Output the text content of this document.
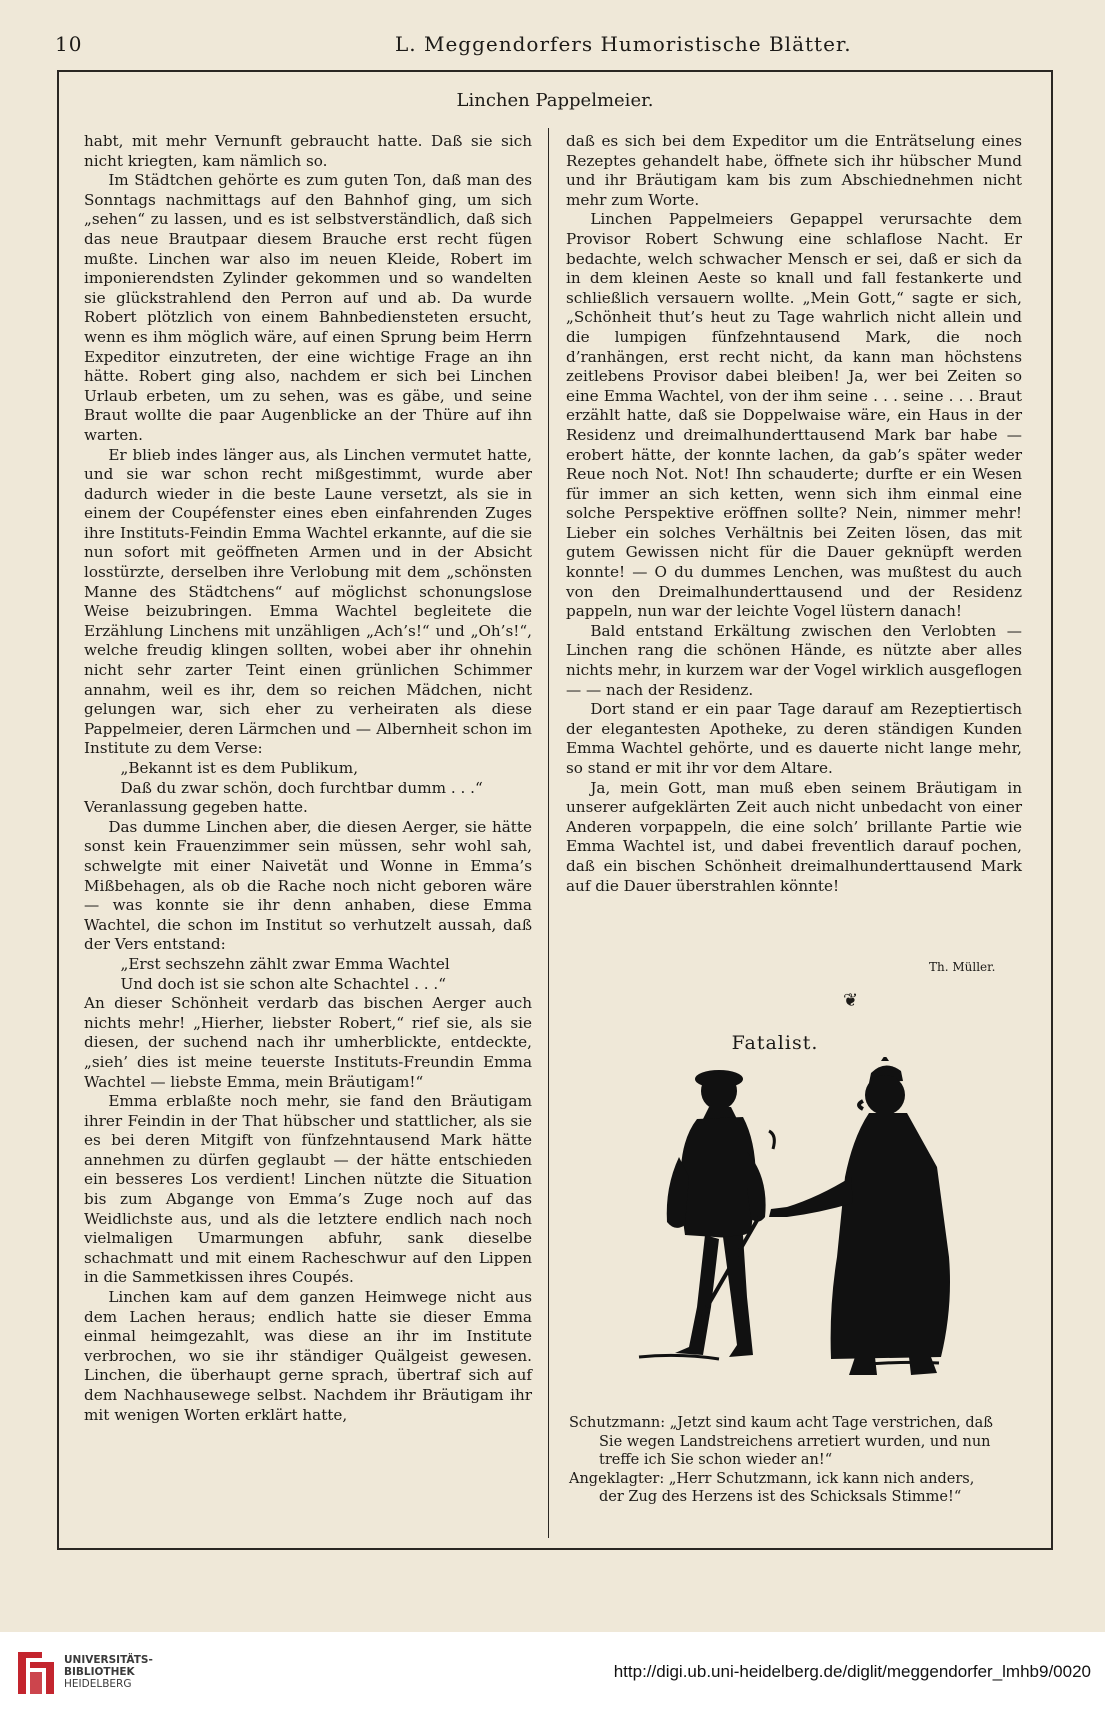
10	L. Meggendorfers Humoristische Blätter.
Linchen Pappelmeier.

habt, mit mehr Vernunft gebraucht hatte. Daß sie sich nicht kriegten, kam nämlich so.

Im Städtchen gehörte es zum guten Ton, daß man des Sonntags nachmittags auf den Bahnhof ging, um sich „sehen“ zu lassen, und es ist selbstverständlich, daß sich das neue Brautpaar diesem Brauche erst recht fügen mußte. Linchen war also im neuen Kleide, Robert im imponierendsten Zylinder gekommen und so wandelten sie glückstrahlend den Perron auf und ab. Da wurde Robert plötzlich von einem Bahnbediensteten ersucht, wenn es ihm möglich wäre, auf einen Sprung beim Herrn Expeditor einzutreten, der eine wichtige Frage an ihn hätte. Robert ging also, nachdem er sich bei Linchen Urlaub erbeten, um zu sehen, was es gäbe, und seine Braut wollte die paar Augenblicke an der Thüre auf ihn warten.

Er blieb indes länger aus, als Linchen vermutet hatte, und sie war schon recht mißgestimmt, wurde aber dadurch wieder in die beste Laune versetzt, als sie in einem der Coupéfenster eines eben einfahrenden Zuges ihre Instituts-Feindin Emma Wachtel erkannte, auf die sie nun sofort mit geöffneten Armen und in der Absicht losstürzte, derselben ihre Verlobung mit dem „schönsten Manne des Städtchens“ auf möglichst schonungslose Weise beizubringen. Emma Wachtel begleitete die Erzählung Linchens mit unzähligen „Ach’s!“ und „Oh’s!“, welche freudig klingen sollten, wobei aber ihr ohnehin nicht sehr zarter Teint einen grünlichen Schimmer annahm, weil es ihr, dem so reichen Mädchen, nicht gelungen war, sich eher zu verheiraten als diese Pappelmeier, deren Lärmchen und — Albernheit schon im Institute zu dem Verse:

„Bekannt ist es dem Publikum,

Daß du zwar schön, doch furchtbar dumm . . .“

Veranlassung gegeben hatte.

Das dumme Linchen aber, die diesen Aerger, sie hätte sonst kein Frauenzimmer sein müssen, sehr wohl sah, schwelgte mit einer Naivetät und Wonne in Emma’s Mißbehagen, als ob die Rache noch nicht geboren wäre — was konnte sie ihr denn anhaben, diese Emma Wachtel, die schon im Institut so verhutzelt aussah, daß der Vers entstand:

„Erst sechszehn zählt zwar Emma Wachtel

Und doch ist sie schon alte Schachtel . . .“

An dieser Schönheit verdarb das bischen Aerger auch nichts mehr! „Hierher, liebster Robert,“ rief sie, als sie diesen, der suchend nach ihr umherblickte, entdeckte, „sieh’ dies ist meine teuerste Instituts-Freundin Emma Wachtel — liebste Emma, mein Bräutigam!“

Emma erblaßte noch mehr, sie fand den Bräutigam ihrer Feindin in der That hübscher und stattlicher, als sie es bei deren Mitgift von fünfzehntausend Mark hätte annehmen zu dürfen geglaubt — der hätte entschieden ein besseres Los verdient! Linchen nützte die Situation bis zum Abgange von Emma’s Zuge noch auf das Weidlichste aus, und als die letztere endlich nach noch vielmaligen Umarmungen abfuhr, sank dieselbe schachmatt und mit einem Racheschwur auf den Lippen in die Sammetkissen ihres Coupés.

Linchen kam auf dem ganzen Heimwege nicht aus dem Lachen heraus; endlich hatte sie dieser Emma einmal heimgezahlt, was diese an ihr im Institute verbrochen, wo sie ihr ständiger Quälgeist gewesen. Linchen, die überhaupt gerne sprach, übertraf sich auf dem Nachhausewege selbst. Nachdem ihr Bräutigam ihr mit wenigen Worten erklärt hatte,

daß es sich bei dem Expeditor um die Enträtselung eines Rezeptes gehandelt habe, öffnete sich ihr hübscher Mund und ihr Bräutigam kam bis zum Abschiednehmen nicht mehr zum Worte.

Linchen Pappelmeiers Gepappel verursachte dem Provisor Robert Schwung eine schlaflose Nacht. Er bedachte, welch schwacher Mensch er sei, daß er sich da in dem kleinen Aeste so knall und fall festankerte und schließlich versauern wollte. „Mein Gott,“ sagte er sich, „Schönheit thut’s heut zu Tage wahrlich nicht allein und die lumpigen fünfzehntausend Mark, die noch d’ranhängen, erst recht nicht, da kann man höchstens zeitlebens Provisor dabei bleiben! Ja, wer bei Zeiten so eine Emma Wachtel, von der ihm seine . . . seine . . . Braut erzählt hatte, daß sie Doppelwaise wäre, ein Haus in der Residenz und dreimalhunderttausend Mark bar habe — erobert hätte, der konnte lachen, da gab’s später weder Reue noch Not. Not! Ihn schauderte; durfte er ein Wesen für immer an sich ketten, wenn sich ihm einmal eine solche Perspektive eröffnen sollte? Nein, nimmer mehr! Lieber ein solches Verhältnis bei Zeiten lösen, das mit gutem Gewissen nicht für die Dauer geknüpft werden konnte! — O du dummes Lenchen, was mußtest du auch von den Dreimalhunderttausend und der Residenz pappeln, nun war der leichte Vogel lüstern danach!

Bald entstand Erkältung zwischen den Verlobten — Linchen rang die schönen Hände, es nützte aber alles nichts mehr, in kurzem war der Vogel wirklich ausgeflogen — — nach der Residenz.

Dort stand er ein paar Tage darauf am Rezeptiertisch der elegantesten Apotheke, zu deren ständigen Kunden Emma Wachtel gehörte, und es dauerte nicht lange mehr, so stand er mit ihr vor dem Altare.

Ja, mein Gott, man muß eben seinem Bräutigam in unserer aufgeklärten Zeit auch nicht unbedacht von einer Anderen vorpappeln, die eine solch’ brillante Partie wie Emma Wachtel ist, und dabei freventlich darauf pochen, daß ein bischen Schönheit dreimalhunderttausend Mark auf die Dauer überstrahlen könnte!

Th. Müller.
❦
Fatalist.
Schutzmann: „Jetzt sind kaum acht Tage verstrichen, daß
Sie wegen Landstreichens arretiert wurden, und nun
treffe ich Sie schon wieder an!“
Angeklagter: „Herr Schutzmann, ick kann nich anders,
der Zug des Herzens ist des Schicksals Stimme!“
UNIVERSITÄTS-
BIBLIOTHEK
HEIDELBERG
http://digi.ub.uni-heidelberg.de/diglit/meggendorfer_lmhb9/0020
